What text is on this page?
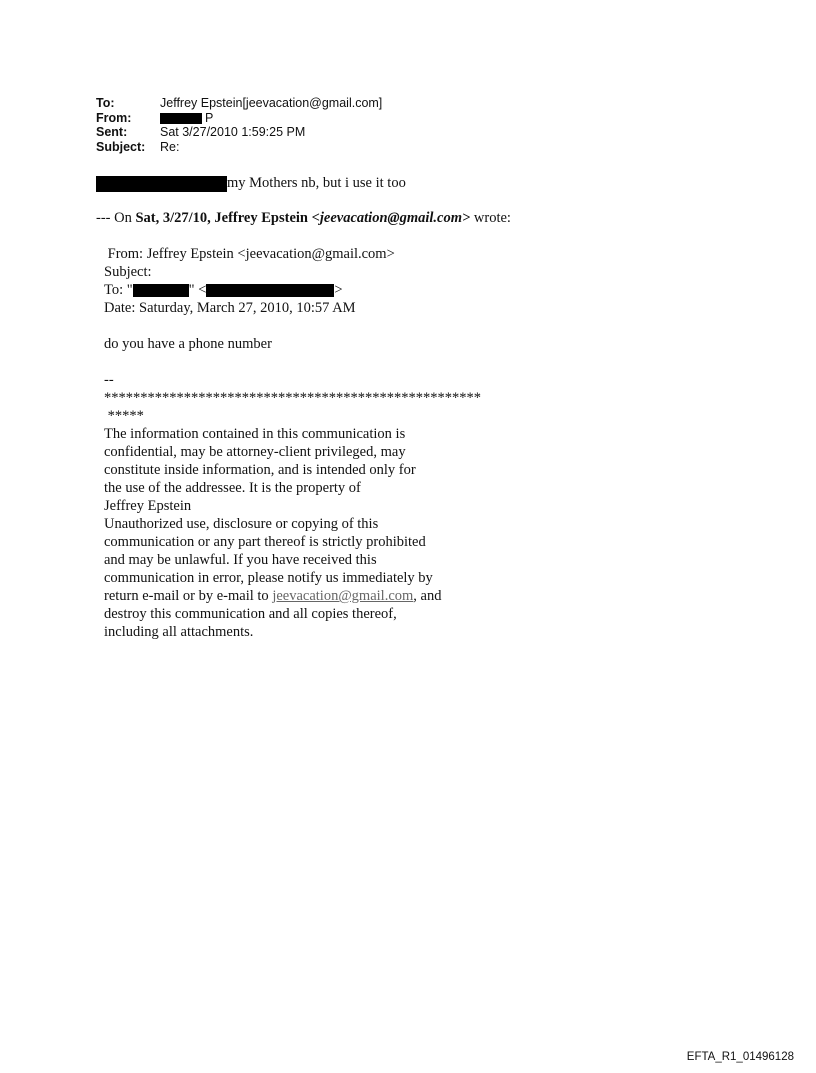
To:	Jeffrey Epstein[jeevacation@gmail.com]
From:	P
Sent:	Sat 3/27/2010 1:59:25 PM
Subject:	Re:
my Mothers nb, but i use it too
--- On Sat, 3/27/10, Jeffrey Epstein <jeevacation@gmail.com> wrote:
From: Jeffrey Epstein <jeevacation@gmail.com>
Subject:
To: "	" <	>
Date: Saturday, March 27, 2010, 10:57 AM
do you have a phone number
--
****************************************************
*****
The information contained in this communication is
confidential, may be attorney-client privileged, may
constitute inside information, and is intended only for
the use of the addressee. It is the property of
Jeffrey Epstein
Unauthorized use, disclosure or copying of this
communication or any part thereof is strictly prohibited
and may be unlawful. If you have received this
communication in error, please notify us immediately by
return e-mail or by e-mail to jeevacation@gmail.com, and
destroy this communication and all copies thereof,
including all attachments.
EFTA_R1_01496128
